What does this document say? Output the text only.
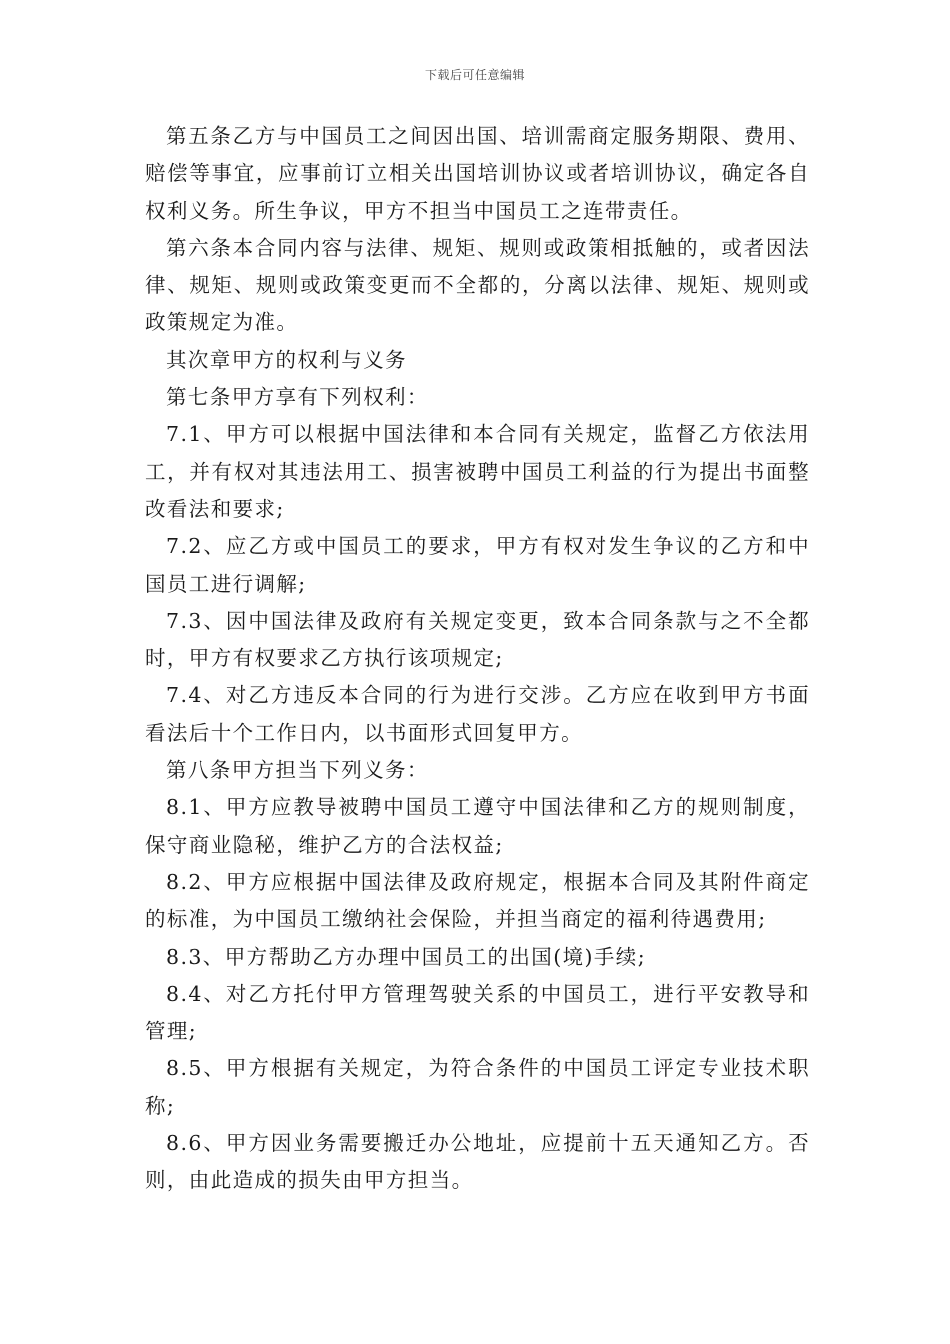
下载后可任意编辑

第五条乙方与中国员工之间因出国、培训需商定服务期限、费用、赔偿等事宜，应事前订立相关出国培训协议或者培训协议，确定各自权利义务。所生争议，甲方不担当中国员工之连带责任。

第六条本合同内容与法律、规矩、规则或政策相抵触的，或者因法律、规矩、规则或政策变更而不全都的，分离以法律、规矩、规则或政策规定为准。

其次章甲方的权利与义务

第七条甲方享有下列权利：

7.1、甲方可以根据中国法律和本合同有关规定，监督乙方依法用工，并有权对其违法用工、损害被聘中国员工利益的行为提出书面整改看法和要求;

7.2、应乙方或中国员工的要求，甲方有权对发生争议的乙方和中国员工进行调解;

7.3、因中国法律及政府有关规定变更，致本合同条款与之不全都时，甲方有权要求乙方执行该项规定;

7.4、对乙方违反本合同的行为进行交涉。乙方应在收到甲方书面看法后十个工作日内，以书面形式回复甲方。

第八条甲方担当下列义务：

8.1、甲方应教导被聘中国员工遵守中国法律和乙方的规则制度，保守商业隐秘，维护乙方的合法权益;

8.2、甲方应根据中国法律及政府规定，根据本合同及其附件商定的标准，为中国员工缴纳社会保险，并担当商定的福利待遇费用;

8.3、甲方帮助乙方办理中国员工的出国(境)手续;

8.4、对乙方托付甲方管理驾驶关系的中国员工，进行平安教导和管理;

8.5、甲方根据有关规定，为符合条件的中国员工评定专业技术职称;

8.6、甲方因业务需要搬迁办公地址，应提前十五天通知乙方。否则，由此造成的损失由甲方担当。
